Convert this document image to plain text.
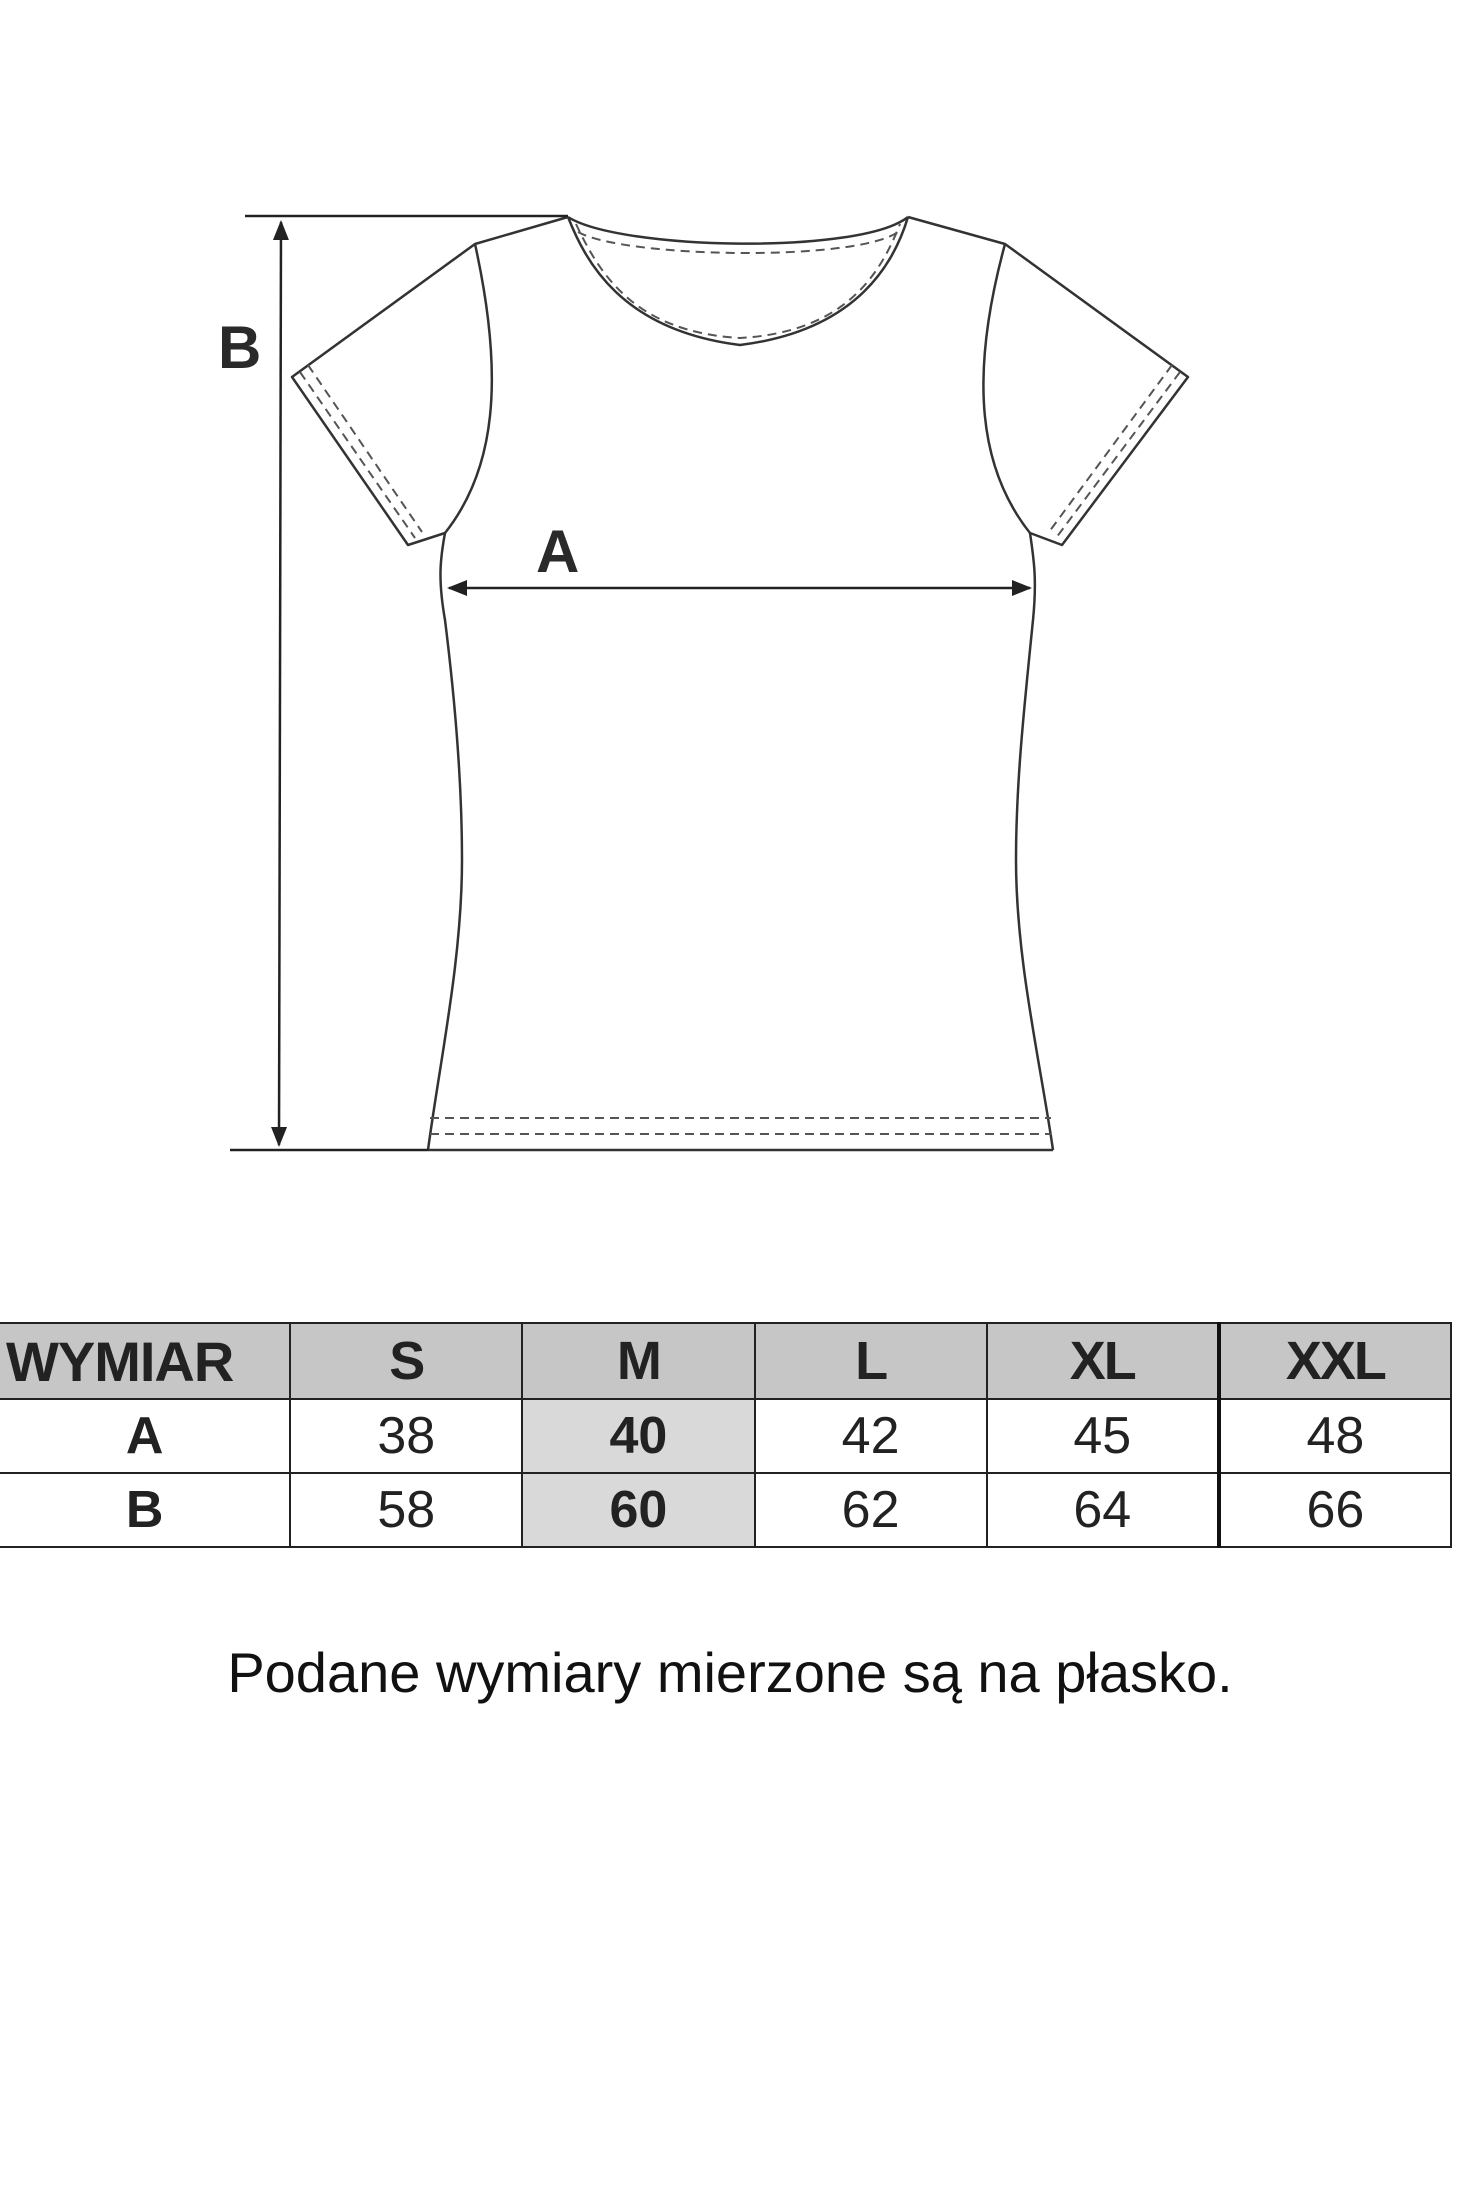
B
A
WYMIAR	S	M	L	XL	XXL
A	38	40	42	45	48
B	58	60	62	64	66

Podane wymiary mierzone są na płasko.
